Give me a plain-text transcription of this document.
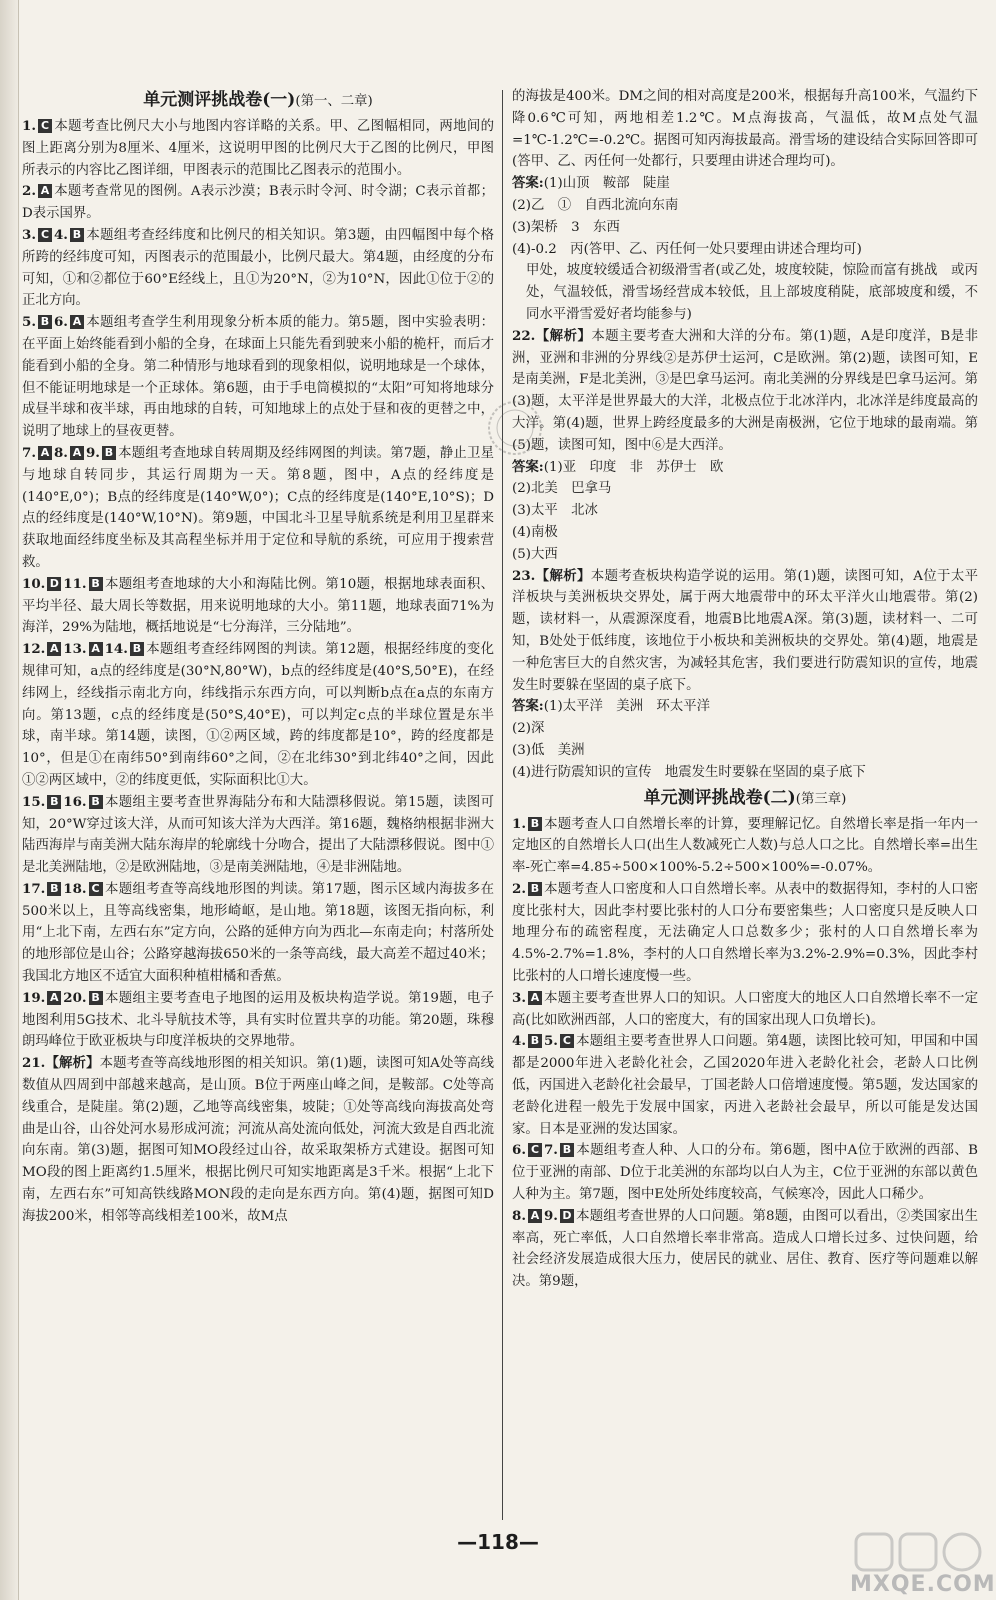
单元测评挑战卷(一)(第一、二章)

1. C 本题考查比例尺大小与地图内容详略的关系。甲、乙图幅相同，两地间的图上距离分别为8厘米、4厘米，这说明甲图的比例尺大于乙图的比例尺，甲图所表示的内容比乙图详细，甲图表示的范围比乙图表示的范围小。

2. A 本题考查常见的图例。A表示沙漠；B表示时令河、时令湖；C表示首都；D表示国界。

3. C 4. B 本题组考查经纬度和比例尺的相关知识。第3题，由四幅图中每个格所跨的经纬度可知，丙图表示的范围最小，比例尺最大。第4题，由经度的分布可知，①和②都位于60°E经线上，且①为20°N，②为10°N，因此①位于②的正北方向。

5. B 6. A 本题组考查学生利用现象分析本质的能力。第5题，图中实验表明：在平面上始终能看到小船的全身，在球面上只能先看到驶来小船的桅杆，而后才能看到小船的全身。第二种情形与地球看到的现象相似，说明地球是一个球体，但不能证明地球是一个正球体。第6题，由于手电筒模拟的“太阳”可知将地球分成昼半球和夜半球，再由地球的自转，可知地球上的点处于昼和夜的更替之中，说明了地球上的昼夜更替。

7. A 8. A 9. B 本题组考查地球自转周期及经纬网图的判读。第7题，静止卫星与地球自转同步，其运行周期为一天。第8题，图中，A点的经纬度是(140°E,0°)；B点的经纬度是(140°W,0°)；C点的经纬度是(140°E,10°S)；D点的经纬度是(140°W,10°N)。第9题，中国北斗卫星导航系统是利用卫星群来获取地面经纬度坐标及其高程坐标并用于定位和导航的系统，可应用于搜索营救。

10. D 11. B 本题组考查地球的大小和海陆比例。第10题，根据地球表面积、平均半径、最大周长等数据，用来说明地球的大小。第11题，地球表面71%为海洋，29%为陆地，概括地说是“七分海洋，三分陆地”。

12. A 13. A 14. B 本题组考查经纬网图的判读。第12题，根据经纬度的变化规律可知，a点的经纬度是(30°N,80°W)，b点的经纬度是(40°S,50°E)，在经纬网上，经线指示南北方向，纬线指示东西方向，可以判断b点在a点的东南方向。第13题，c点的经纬度是(50°S,40°E)，可以判定c点的半球位置是东半球，南半球。第14题，读图，①②两区域，跨的纬度都是10°，跨的经度都是10°，但是①在南纬50°到南纬60°之间，②在北纬30°到北纬40°之间，因此①②两区域中，②的纬度更低，实际面积比①大。

15. B 16. B 本题组主要考查世界海陆分布和大陆漂移假说。第15题，读图可知，20°W穿过该大洋，从而可知该大洋为大西洋。第16题，魏格纳根据非洲大陆西海岸与南美洲大陆东海岸的轮廓线十分吻合，提出了大陆漂移假说。图中①是北美洲陆地，②是欧洲陆地，③是南美洲陆地，④是非洲陆地。

17. B 18. C 本题组考查等高线地形图的判读。第17题，图示区域内海拔多在500米以上，且等高线密集，地形崎岖，是山地。第18题，该图无指向标，利用“上北下南，左西右东”定方向，公路的延伸方向为西北—东南走向；村落所处的地形部位是山谷；公路穿越海拔650米的一条等高线，最大高差不超过40米；我国北方地区不适宜大面积种植柑橘和香蕉。

19. A 20. B 本题组主要考查电子地图的运用及板块构造学说。第19题，电子地图利用5G技术、北斗导航技术等，具有实时位置共享的功能。第20题，珠穆朗玛峰位于欧亚板块与印度洋板块的交界地带。

21.【解析】本题考查等高线地形图的相关知识。第(1)题，读图可知A处等高线数值从四周到中部越来越高，是山顶。B位于两座山峰之间，是鞍部。C处等高线重合，是陡崖。第(2)题，乙地等高线密集，坡陡；①处等高线向海拔高处弯曲是山谷，山谷处河水易形成河流；河流从高处流向低处，河流大致是自西北流向东南。第(3)题，据图可知MO段经过山谷，故采取架桥方式建设。据图可知MO段的图上距离约1.5厘米，根据比例尺可知实地距离是3千米。根据“上北下南，左西右东”可知高铁线路MON段的走向是东西方向。第(4)题，据图可知D海拔200米，相邻等高线相差100米，故M点

的海拔是400米。DM之间的相对高度是200米，根据每升高100米，气温约下降0.6℃可知，两地相差1.2℃。M点海拔高，气温低，故M点处气温=1℃-1.2℃=-0.2℃。据图可知丙海拔最高。滑雪场的建设结合实际回答即可(答甲、乙、丙任何一处都行，只要理由讲述合理均可)。

答案:(1)山顶　鞍部　陡崖

(2)乙　①　自西北流向东南

(3)架桥　3　东西

(4)-0.2　丙(答甲、乙、丙任何一处只要理由讲述合理均可)

甲处，坡度较缓适合初级滑雪者(或乙处，坡度较陡，惊险而富有挑战　或丙处，气温较低，滑雪场经营成本较低，且上部坡度稍陡，底部坡度和缓，不同水平滑雪爱好者均能参与)

22.【解析】本题主要考查大洲和大洋的分布。第(1)题，A是印度洋，B是非洲，亚洲和非洲的分界线②是苏伊士运河，C是欧洲。第(2)题，读图可知，E是南美洲，F是北美洲，③是巴拿马运河。南北美洲的分界线是巴拿马运河。第(3)题，太平洋是世界最大的大洋，北极点位于北冰洋内，北冰洋是纬度最高的大洋。第(4)题，世界上跨经度最多的大洲是南极洲，它位于地球的最南端。第(5)题，读图可知，图中⑥是大西洋。

答案:(1)亚　印度　非　苏伊士　欧

(2)北美　巴拿马

(3)太平　北冰

(4)南极

(5)大西

23.【解析】本题考查板块构造学说的运用。第(1)题，读图可知，A位于太平洋板块与美洲板块交界处，属于两大地震带中的环太平洋火山地震带。第(2)题，读材料一，从震源深度看，地震B比地震A深。第(3)题，读材料一、二可知，B处处于低纬度，该地位于小板块和美洲板块的交界处。第(4)题，地震是一种危害巨大的自然灾害，为减轻其危害，我们要进行防震知识的宣传，地震发生时要躲在坚固的桌子底下。

答案:(1)太平洋　美洲　环太平洋

(2)深

(3)低　美洲

(4)进行防震知识的宣传　地震发生时要躲在坚固的桌子底下

单元测评挑战卷(二)(第三章)

1. B 本题考查人口自然增长率的计算，要理解记忆。自然增长率是指一年内一定地区的自然增长人口(出生人数减死亡人数)与总人口之比。自然增长率=出生率-死亡率=4.85÷500×100%-5.2÷500×100%=-0.07%。

2. B 本题考查人口密度和人口自然增长率。从表中的数据得知，李村的人口密度比张村大，因此李村要比张村的人口分布要密集些；人口密度只是反映人口地理分布的疏密程度，无法确定人口总数多少；张村的人口自然增长率为4.5%-2.7%=1.8%，李村的人口自然增长率为3.2%-2.9%=0.3%，因此李村比张村的人口增长速度慢一些。

3. A 本题主要考查世界人口的知识。人口密度大的地区人口自然增长率不一定高(比如欧洲西部，人口的密度大，有的国家出现人口负增长)。

4. B 5. C 本题组主要考查世界人口问题。第4题，读图比较可知，甲国和中国都是2000年进入老龄化社会，乙国2020年进入老龄化社会，老龄人口比例低，丙国进入老龄化社会最早，丁国老龄人口倍增速度慢。第5题，发达国家的老龄化进程一般先于发展中国家，丙进入老龄社会最早，所以可能是发达国家。日本是亚洲的发达国家。

6. C 7. B 本题组考查人种、人口的分布。第6题，图中A位于欧洲的西部、B位于亚洲的南部、D位于北美洲的东部均以白人为主，C位于亚洲的东部以黄色人种为主。第7题，图中E处所处纬度较高，气候寒冷，因此人口稀少。

8. A 9. D 本题组考查世界的人口问题。第8题，由图可以看出，②类国家出生率高，死亡率低，人口自然增长率非常高。造成人口增长过多、过快问题，给社会经济发展造成很大压力，使居民的就业、居住、教育、医疗等问题难以解决。第9题，

—118—
MXQE.COM
